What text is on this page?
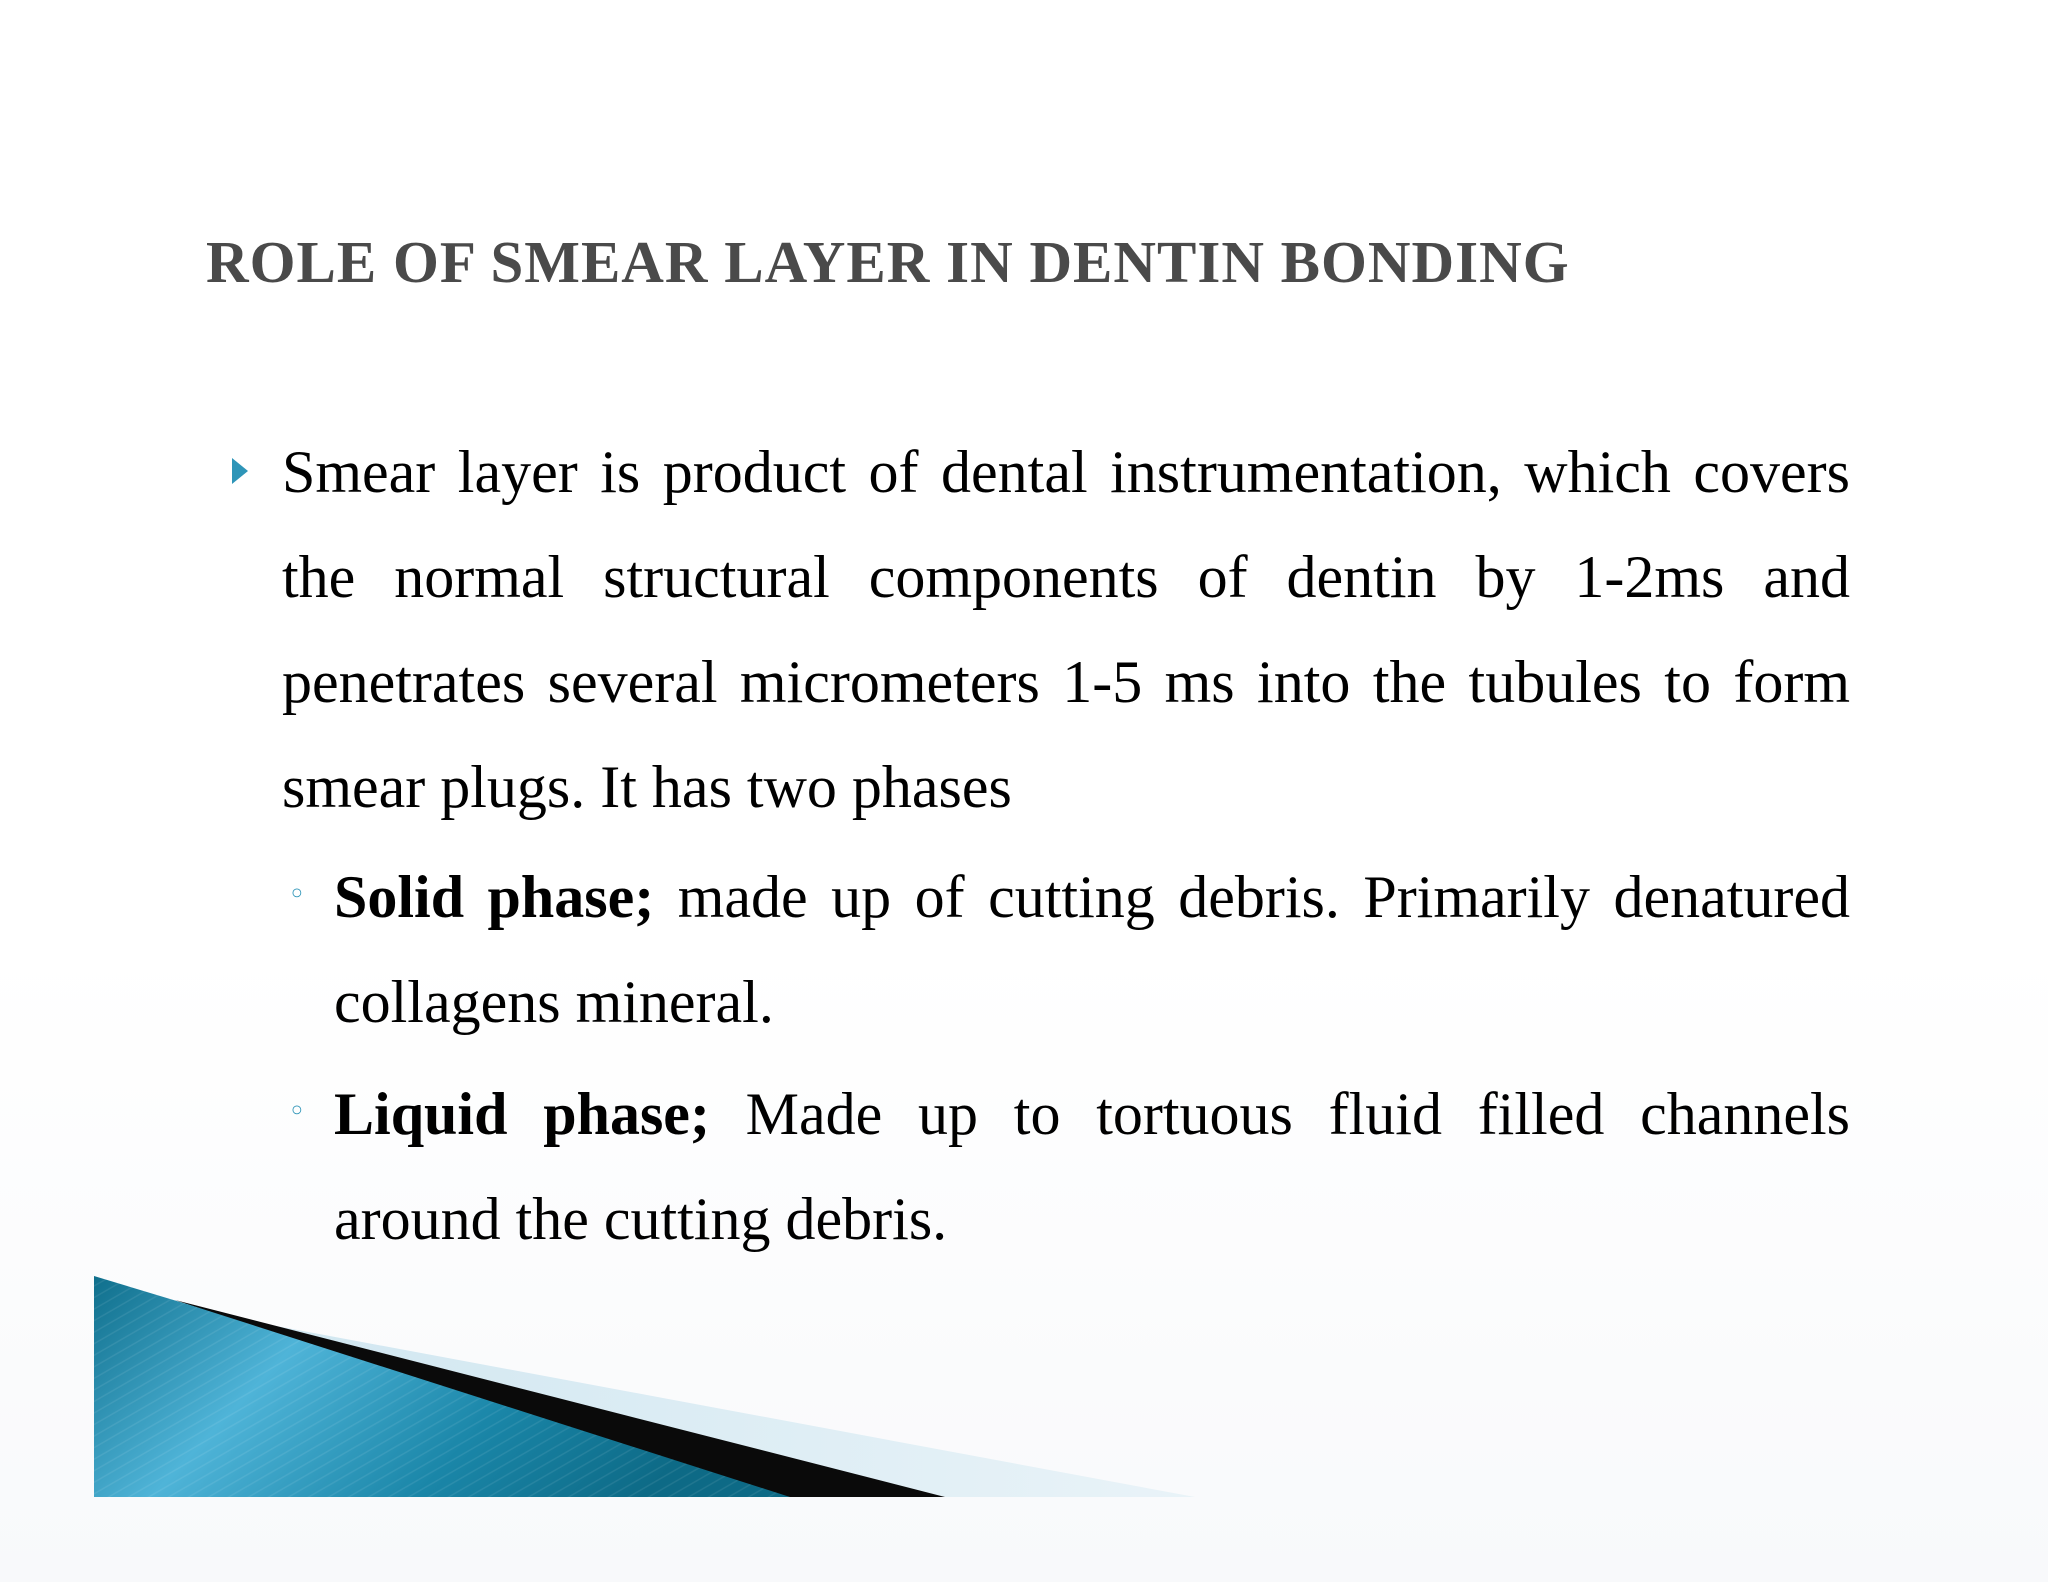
ROLE OF SMEAR LAYER IN DENTIN BONDING

Smear layer is product of dental instrumentation, which covers the normal structural components of dentin by 1-2ms and penetrates several micrometers 1-5 ms into the tubules to form smear plugs. It has two phases

◦ Solid phase; made up of cutting debris. Primarily denatured collagens mineral.

◦ Liquid phase; Made up to tortuous fluid filled channels around the cutting debris.
